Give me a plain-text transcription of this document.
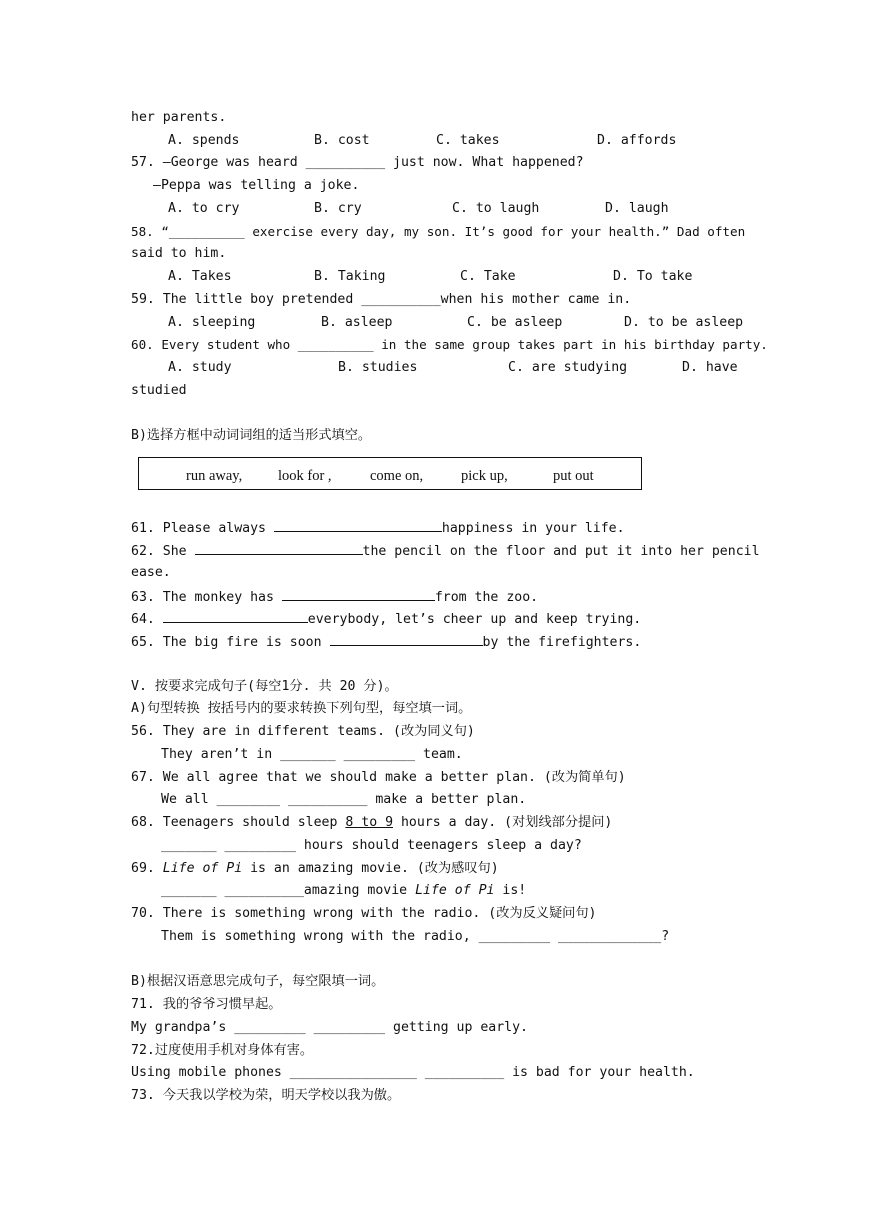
her parents.
A. spends	B. cost	C. takes	D. affords
57. —George was heard __________ just now. What happened?
—Peppa was telling a joke.
A. to cry	B. cry	C. to laugh	D. laugh
58. “__________ exercise every day, my son. It’s good for your health.” Dad often
said to him.
A. Takes	B. Taking	C. Take	D. To take
59. The little boy pretended __________when his mother came in.
A. sleeping	B. asleep	C. be asleep	D. to be asleep
60. Every student who __________ in the same group takes part in his birthday party.
A. study	B. studies	C. are studying	D. have
studied
B)选择方框中动词词组的适当形式填空。
run away, look for ,	come on,	pick up,	put out
61. Please always	happiness in your life.
62. She	the pencil on the floor and put it into her pencil
ease.
63. The monkey has	from the zoo.
64.	everybody, let’s cheer up and keep trying.
65. The big fire is soon	by the firefighters.
V. 按要求完成句子(每空1分. 共 20 分)。
A)句型转换 按括号内的要求转换下列句型，每空填一词。
56. They are in different teams. (改为同义句)
They aren’t in _______ _________ team.
67. We all agree that we should make a better plan. (改为简单句)
We all ________ __________ make a better plan.
68. Teenagers should sleep 8 to 9 hours a day. (对划线部分提问)
_______ _________ hours should teenagers sleep a day?
69. Life of Pi is an amazing movie. (改为感叹句)
_______ __________amazing movie Life of Pi is!
70. There is something wrong with the radio. (改为反义疑问句)
Them is something wrong with the radio, _________ _____________?
B)根据汉语意思完成句子，每空限填一词。
71. 我的爷爷习惯早起。
My grandpa’s _________ _________ getting up early.
72.过度使用手机对身体有害。
Using mobile phones ________________ __________ is bad for your health.
73. 今天我以学校为荣，明天学校以我为傲。
